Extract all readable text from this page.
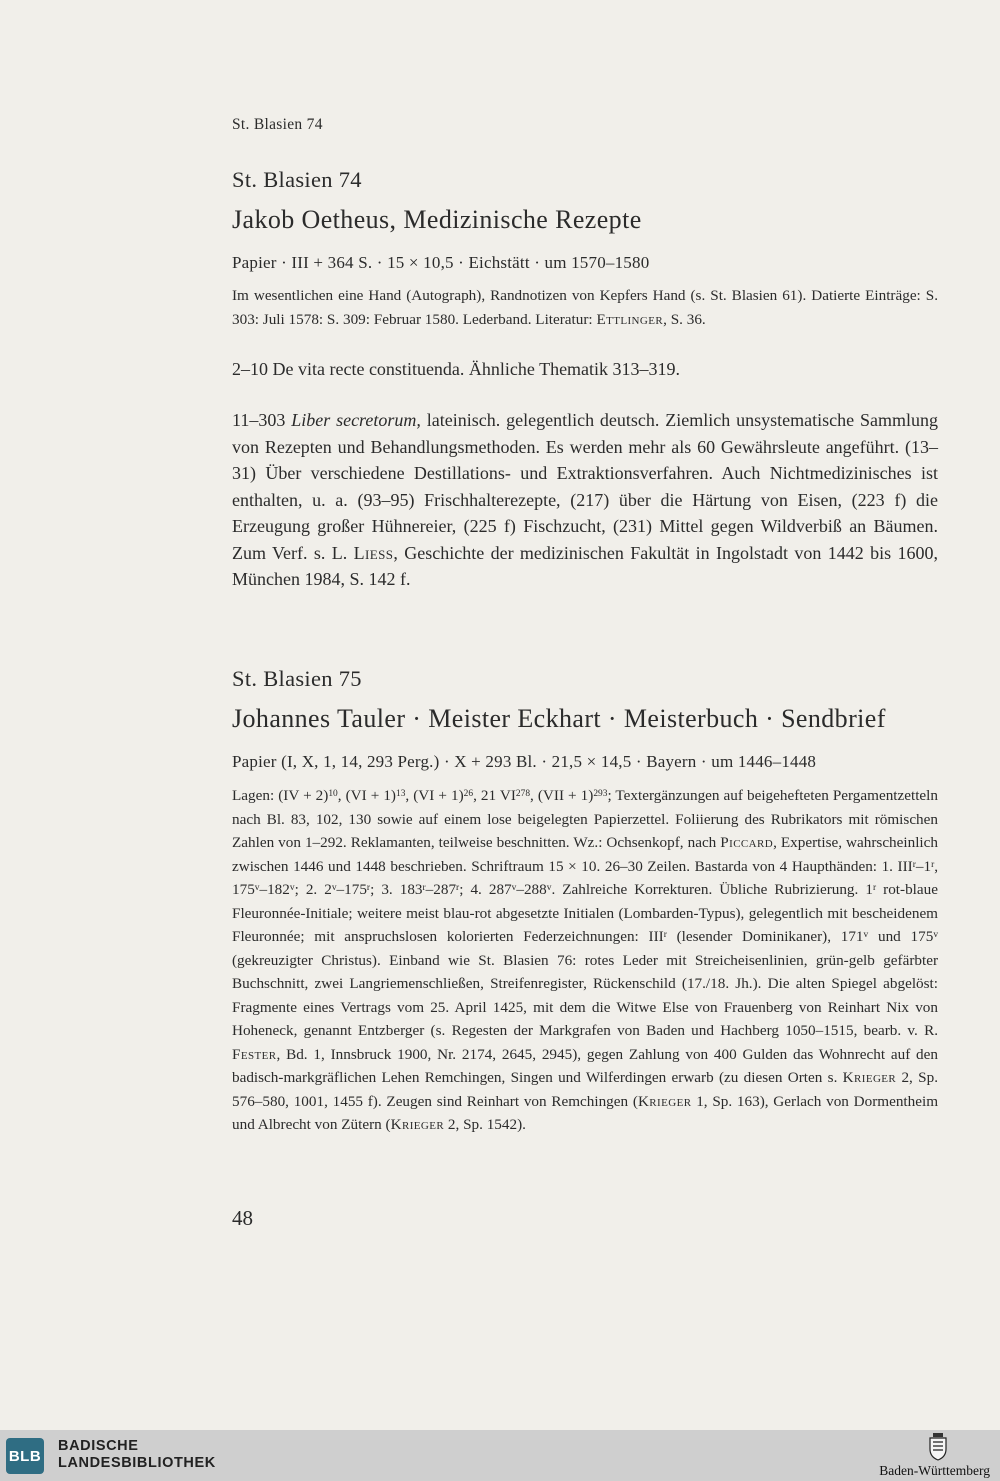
St. Blasien 74
St. Blasien 74
Jakob Oetheus, Medizinische Rezepte
Papier · III + 364 S. · 15 × 10,5 · Eichstätt · um 1570–1580
Im wesentlichen eine Hand (Autograph), Randnotizen von Kepfers Hand (s. St. Blasien 61). Datierte Einträge: S. 303: Juli 1578: S. 309: Februar 1580. Lederband. Literatur: Ettlinger, S. 36.
2–10 De vita recte constituenda. Ähnliche Thematik 313–319.
11–303 Liber secretorum, lateinisch. gelegentlich deutsch. Ziemlich unsystematische Sammlung von Rezepten und Behandlungsmethoden. Es werden mehr als 60 Gewährsleute angeführt. (13–31) Über verschiedene Destillations- und Extraktionsverfahren. Auch Nichtmedizinisches ist enthalten, u. a. (93–95) Frischhalterezepte, (217) über die Härtung von Eisen, (223 f) die Erzeugung großer Hühnereier, (225 f) Fischzucht, (231) Mittel gegen Wildverbiß an Bäumen. Zum Verf. s. L. Liess, Geschichte der medizinischen Fakultät in Ingolstadt von 1442 bis 1600, München 1984, S. 142 f.
St. Blasien 75
Johannes Tauler · Meister Eckhart · Meisterbuch · Sendbrief
Papier (I, X, 1, 14, 293 Perg.) · X + 293 Bl. · 21,5 × 14,5 · Bayern · um 1446–1448
Lagen: (IV + 2)$^{10}$, (VI + 1)$^{13}$, (VI + 1)$^{26}$, 21 VI$^{278}$, (VII + 1)$^{293}$; Textergänzungen auf beigehefteten Pergamentzetteln nach Bl. 83, 102, 130 sowie auf einem lose beigelegten Papierzettel. Foliierung des Rubrikators mit römischen Zahlen von 1–292. Reklamanten, teilweise beschnitten. Wz.: Ochsenkopf, nach Piccard, Expertise, wahrscheinlich zwischen 1446 und 1448 beschrieben. Schriftraum 15 × 10. 26–30 Zeilen. Bastarda von 4 Haupthänden: 1. III$^r$–1$^r$, 175$^v$–182$^v$; 2. 2$^v$–175$^r$; 3. 183$^r$–287$^r$; 4. 287$^v$–288$^v$. Zahlreiche Korrekturen. Übliche Rubrizierung. 1$^r$ rot-blaue Fleuronnée-Initiale; weitere meist blau-rot abgesetzte Initialen (Lombarden-Typus), gelegentlich mit bescheidenem Fleuronnée; mit anspruchslosen kolorierten Federzeichnungen: III$^r$ (lesender Dominikaner), 171$^v$ und 175$^v$ (gekreuzigter Christus). Einband wie St. Blasien 76: rotes Leder mit Streicheisenlinien, grün-gelb gefärbter Buchschnitt, zwei Langriemenschließen, Streifenregister, Rückenschild (17./18. Jh.). Die alten Spiegel abgelöst: Fragmente eines Vertrags vom 25. April 1425, mit dem die Witwe Else von Frauenberg von Reinhart Nix von Hoheneck, genannt Entzberger (s. Regesten der Markgrafen von Baden und Hachberg 1050–1515, bearb. v. R. Fester, Bd. 1, Innsbruck 1900, Nr. 2174, 2645, 2945), gegen Zahlung von 400 Gulden das Wohnrecht auf den badisch-markgräflichen Lehen Remchingen, Singen und Wilferdingen erwarb (zu diesen Orten s. Krieger 2, Sp. 576–580, 1001, 1455 f). Zeugen sind Reinhart von Remchingen (Krieger 1, Sp. 163), Gerlach von Dormentheim und Albrecht von Zütern (Krieger 2, Sp. 1542).
48
BLB
BADISCHE
LANDESBIBLIOTHEK	Baden-Württemberg
